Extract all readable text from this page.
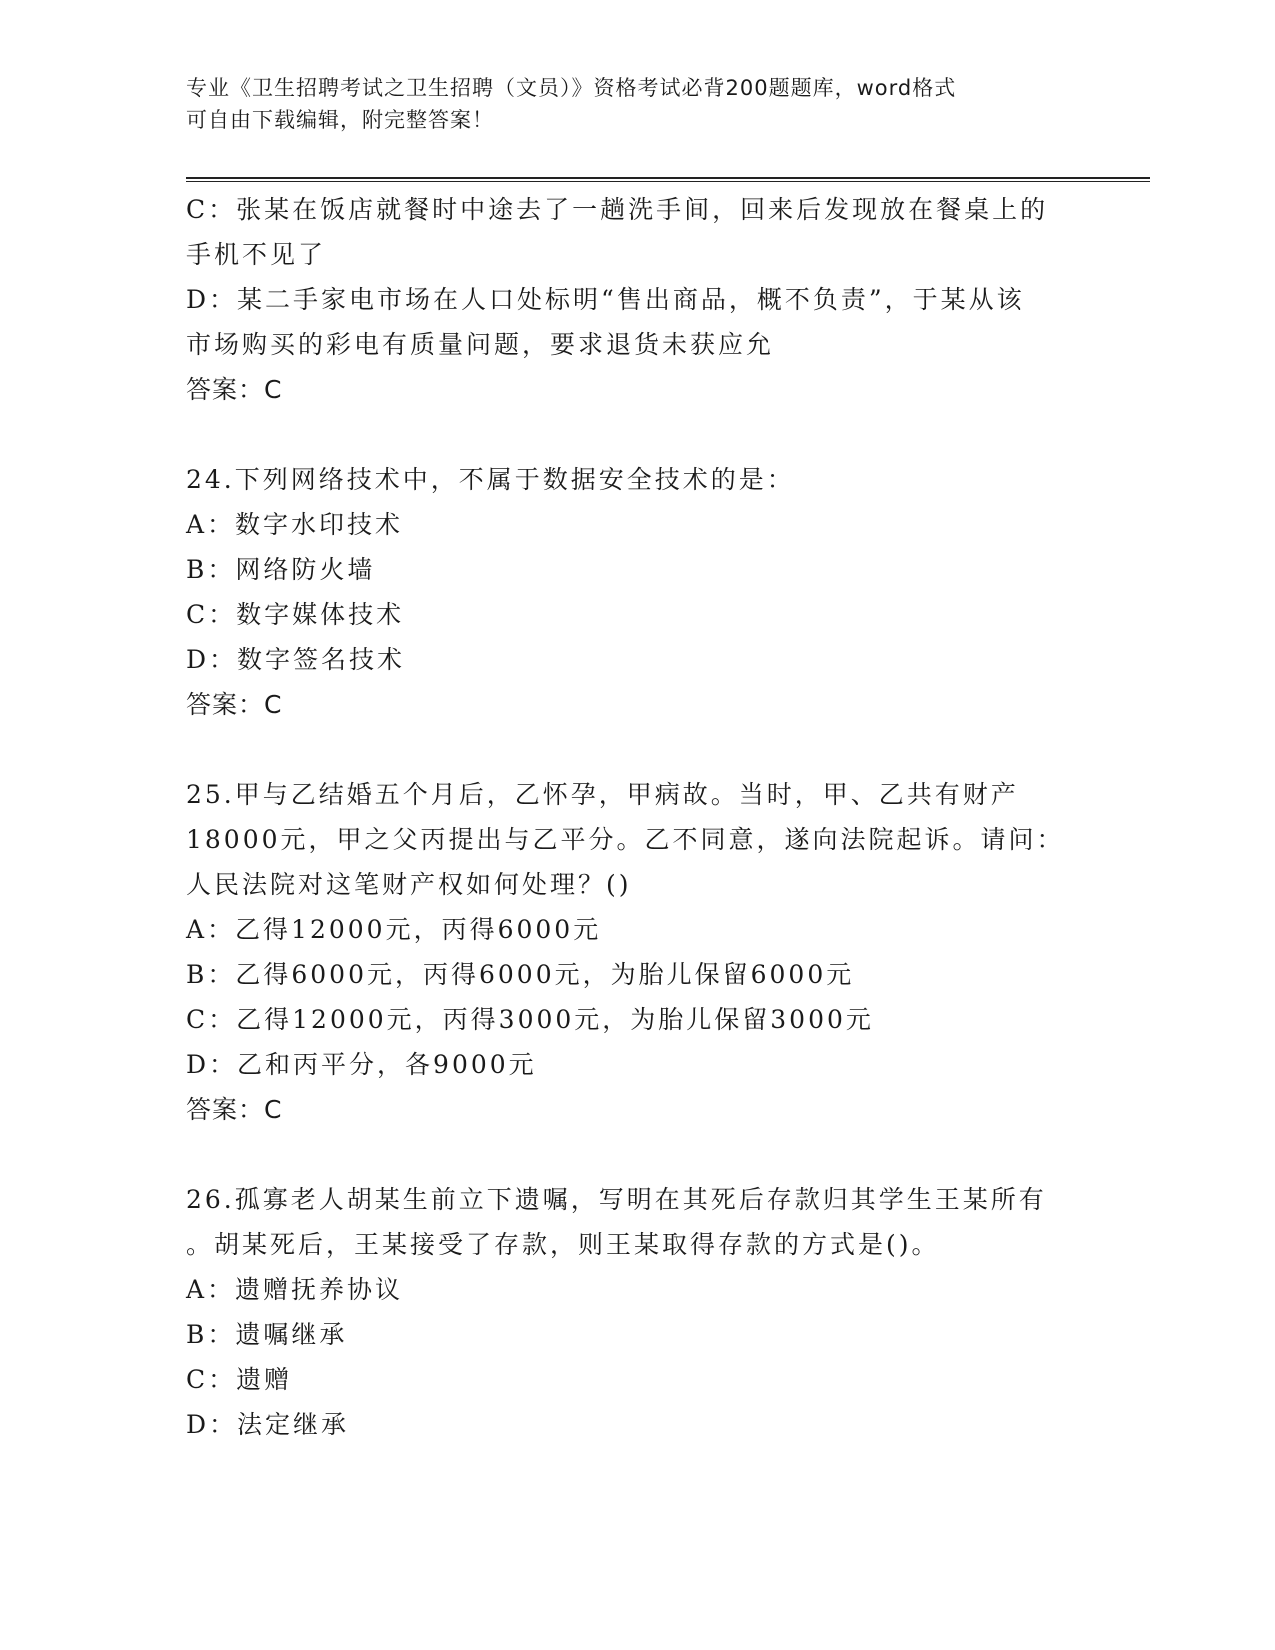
专业《卫生招聘考试之卫生招聘（文员）》资格考试必背200题题库，word格式
可自由下载编辑，附完整答案！
C：张某在饭店就餐时中途去了一趟洗手间，回来后发现放在餐桌上的
手机不见了
D：某二手家电市场在人口处标明“售出商品，概不负责”，于某从该
市场购买的彩电有质量问题，要求退货未获应允
答案：C
24.下列网络技术中，不属于数据安全技术的是：
A：数字水印技术
B：网络防火墙
C：数字媒体技术
D：数字签名技术
答案：C
25.甲与乙结婚五个月后，乙怀孕，甲病故。当时，甲、乙共有财产
18000元，甲之父丙提出与乙平分。乙不同意，遂向法院起诉。请问：
人民法院对这笔财产权如何处理？()
A：乙得12000元，丙得6000元
B：乙得6000元，丙得6000元，为胎儿保留6000元
C：乙得12000元，丙得3000元，为胎儿保留3000元
D：乙和丙平分，各9000元
答案：C
26.孤寡老人胡某生前立下遗嘱，写明在其死后存款归其学生王某所有
。胡某死后，王某接受了存款，则王某取得存款的方式是()。
A：遗赠抚养协议
B：遗嘱继承
C：遗赠
D：法定继承
